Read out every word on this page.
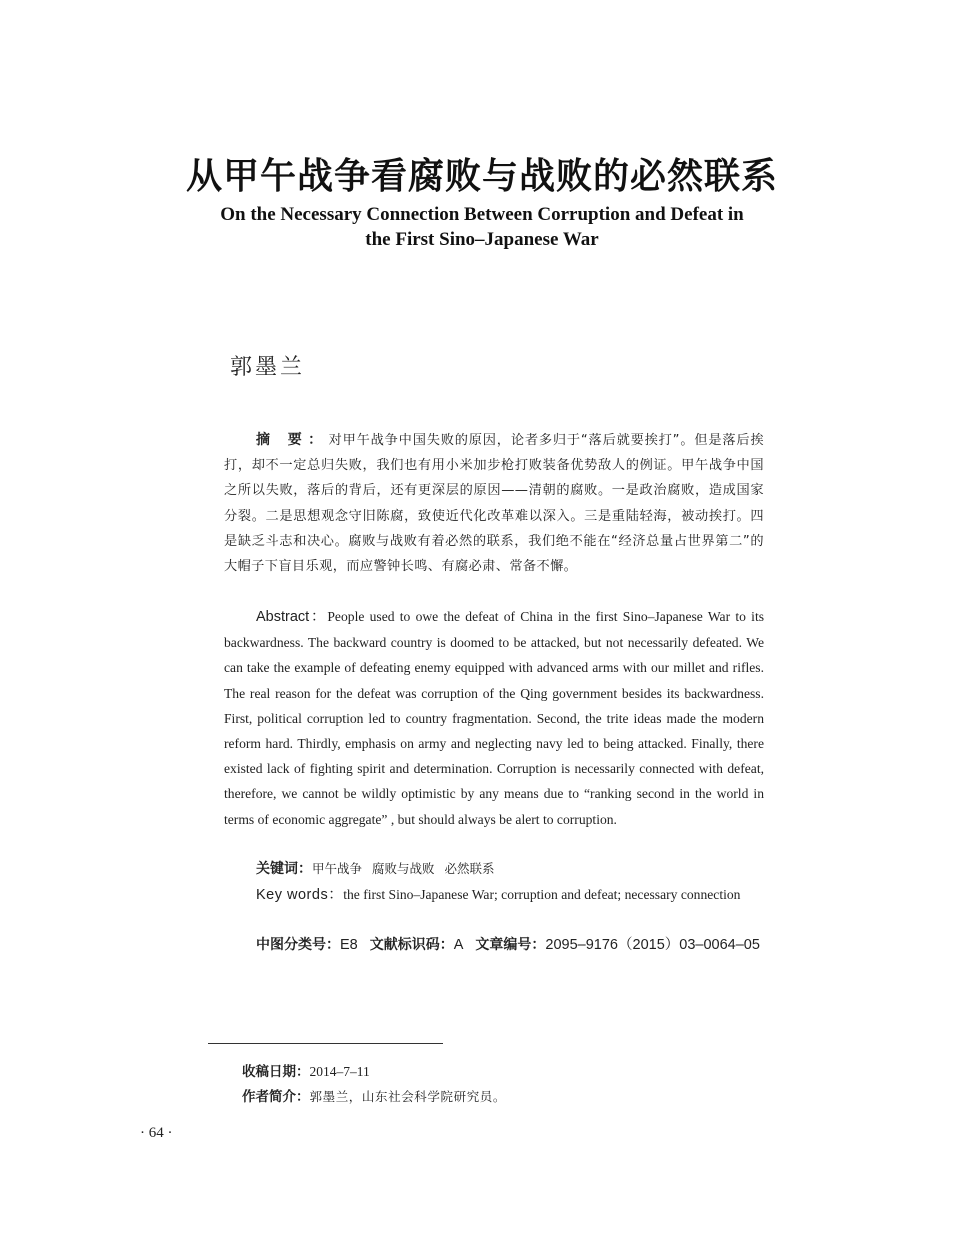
从甲午战争看腐败与战败的必然联系
On the Necessary Connection Between Corruption and Defeat in
the First Sino–Japanese War
郭墨兰
摘 要：对甲午战争中国失败的原因，论者多归于“落后就要挨打”。但是落后挨打，却不一定总归失败，我们也有用小米加步枪打败装备优势敌人的例证。甲午战争中国之所以失败，落后的背后，还有更深层的原因——清朝的腐败。一是政治腐败，造成国家分裂。二是思想观念守旧陈腐，致使近代化改革难以深入。三是重陆轻海，被动挨打。四是缺乏斗志和决心。腐败与战败有着必然的联系，我们绝不能在“经济总量占世界第二”的大帽子下盲目乐观，而应警钟长鸣、有腐必肃、常备不懈。
Abstract：People used to owe the defeat of China in the first Sino–Japanese War to its backwardness. The backward country is doomed to be attacked, but not necessarily defeated. We can take the example of defeating enemy equipped with advanced arms with our millet and rifles. The real reason for the defeat was corruption of the Qing government besides its backwardness. First, political corruption led to country fragmentation. Second, the trite ideas made the modern reform hard. Thirdly, emphasis on army and neglecting navy led to being attacked. Finally, there existed lack of fighting spirit and determination. Corruption is necessarily connected with defeat, therefore, we cannot be wildly optimistic by any means due to “ranking second in the world in terms of economic aggregate” , but should always be alert to corruption.
关键词：甲午战争 腐败与战败 必然联系
Key words：the first Sino–Japanese War; corruption and defeat; necessary connection
中图分类号：E8 文献标识码：A 文章编号：2095–9176（2015）03–0064–05
收稿日期：2014–7–11
作者简介：郭墨兰，山东社会科学院研究员。
· 64 ·
